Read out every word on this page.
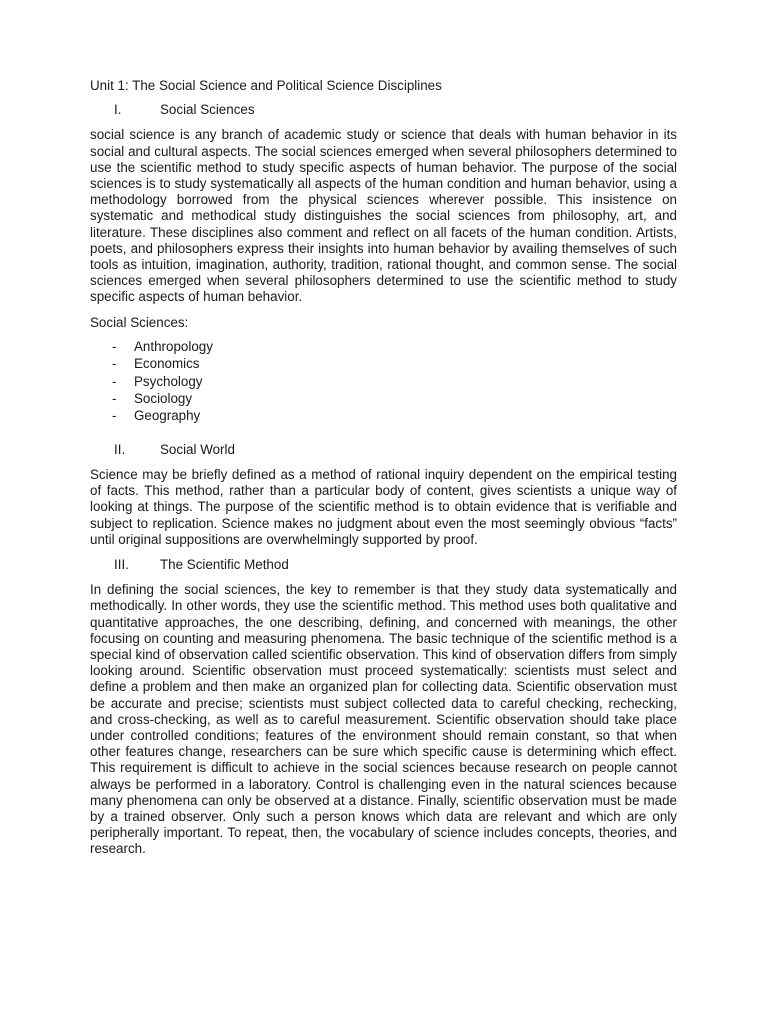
Unit 1: The Social Science and Political Science Disciplines

I.	Social Sciences

social science is any branch of academic study or science that deals with human behavior in its social and cultural aspects. The social sciences emerged when several philosophers determined to use the scientific method to study specific aspects of human behavior. The purpose of the social sciences is to study systematically all aspects of the human condition and human behavior, using a methodology borrowed from the physical sciences wherever possible. This insistence on systematic and methodical study distinguishes the social sciences from philosophy, art, and literature. These disciplines also comment and reflect on all facets of the human condition. Artists, poets, and philosophers express their insights into human behavior by availing themselves of such tools as intuition, imagination, authority, tradition, rational thought, and common sense. The social sciences emerged when several philosophers determined to use the scientific method to study specific aspects of human behavior.

Social Sciences:

-	Anthropology
-	Economics
-	Psychology
-	Sociology
-	Geography
II.	Social World

Science may be briefly defined as a method of rational inquiry dependent on the empirical testing of facts. This method, rather than a particular body of content, gives scientists a unique way of looking at things. The purpose of the scientific method is to obtain evidence that is verifiable and subject to replication. Science makes no judgment about even the most seemingly obvious “facts” until original suppositions are overwhelmingly supported by proof.

III.	The Scientific Method

In defining the social sciences, the key to remember is that they study data systematically and methodically. In other words, they use the scientific method. This method uses both qualitative and quantitative approaches, the one describing, defining, and concerned with meanings, the other focusing on counting and measuring phenomena. The basic technique of the scientific method is a special kind of observation called scientific observation. This kind of observation differs from simply looking around. Scientific observation must proceed systematically: scientists must select and define a problem and then make an organized plan for collecting data. Scientific observation must be accurate and precise; scientists must subject collected data to careful checking, rechecking, and cross-checking, as well as to careful measurement. Scientific observation should take place under controlled conditions; features of the environment should remain constant, so that when other features change, researchers can be sure which specific cause is determining which effect. This requirement is difficult to achieve in the social sciences because research on people cannot always be performed in a laboratory. Control is challenging even in the natural sciences because many phenomena can only be observed at a distance. Finally, scientific observation must be made by a trained observer. Only such a person knows which data are relevant and which are only peripherally important. To repeat, then, the vocabulary of science includes concepts, theories, and research.
